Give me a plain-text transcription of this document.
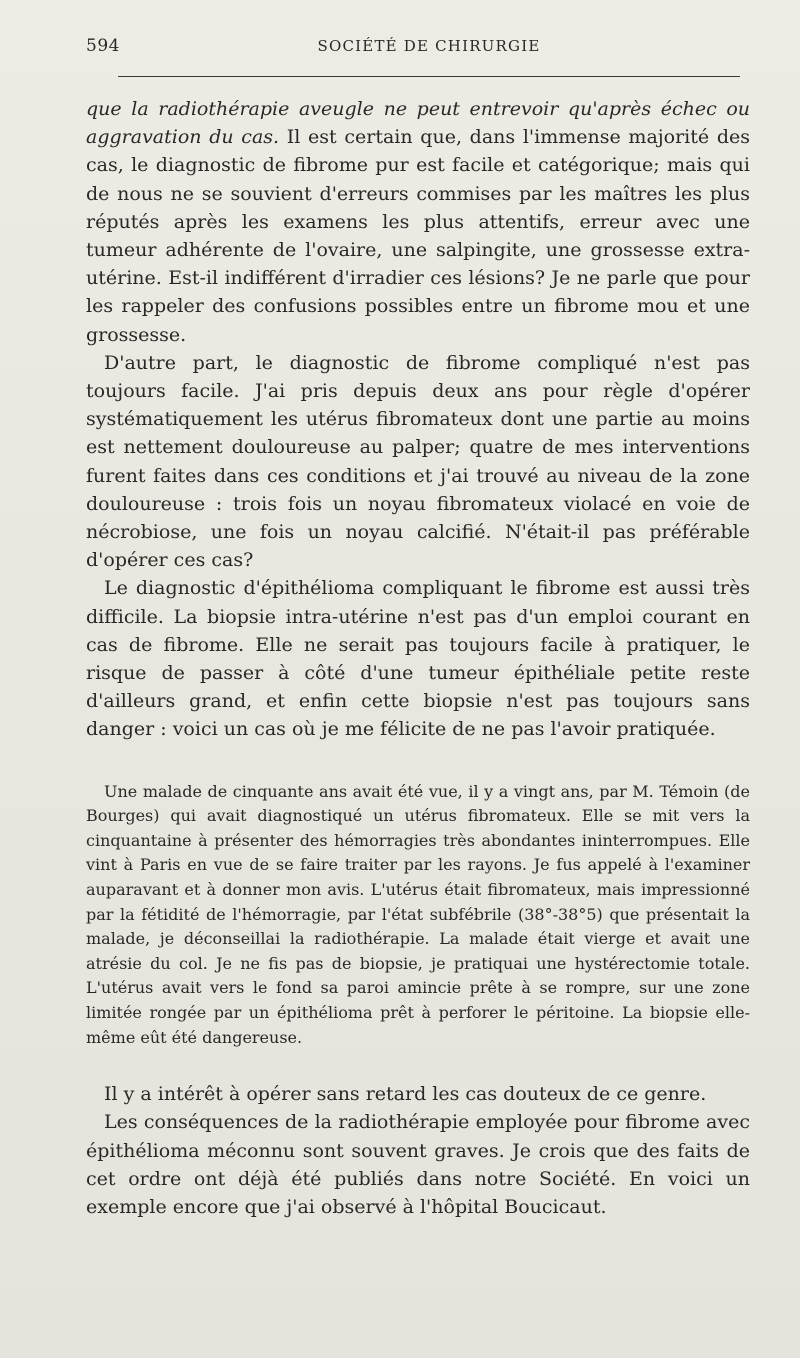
594	SOCIÉTÉ DE CHIRURGIE

que la radiothérapie aveugle ne peut entrevoir qu'après échec ou aggravation du cas. Il est certain que, dans l'immense majorité des cas, le diagnostic de fibrome pur est facile et catégorique; mais qui de nous ne se souvient d'erreurs commises par les maîtres les plus réputés après les examens les plus attentifs, erreur avec une tumeur adhérente de l'ovaire, une salpingite, une grossesse extra-utérine. Est-il indifférent d'irradier ces lésions? Je ne parle que pour les rappeler des confusions possibles entre un fibrome mou et une grossesse.

D'autre part, le diagnostic de fibrome compliqué n'est pas toujours facile. J'ai pris depuis deux ans pour règle d'opérer systématiquement les utérus fibromateux dont une partie au moins est nettement douloureuse au palper; quatre de mes interventions furent faites dans ces conditions et j'ai trouvé au niveau de la zone douloureuse : trois fois un noyau fibromateux violacé en voie de nécrobiose, une fois un noyau calcifié. N'était-il pas préférable d'opérer ces cas?

Le diagnostic d'épithélioma compliquant le fibrome est aussi très difficile. La biopsie intra-utérine n'est pas d'un emploi courant en cas de fibrome. Elle ne serait pas toujours facile à pratiquer, le risque de passer à côté d'une tumeur épithéliale petite reste d'ailleurs grand, et enfin cette biopsie n'est pas toujours sans danger : voici un cas où je me félicite de ne pas l'avoir pratiquée.

Une malade de cinquante ans avait été vue, il y a vingt ans, par M. Témoin (de Bourges) qui avait diagnostiqué un utérus fibromateux. Elle se mit vers la cinquantaine à présenter des hémorragies très abondantes ininterrompues. Elle vint à Paris en vue de se faire traiter par les rayons. Je fus appelé à l'examiner auparavant et à donner mon avis. L'utérus était fibromateux, mais impressionné par la fétidité de l'hémorragie, par l'état subfébrile (38°-38°5) que présentait la malade, je déconseillai la radiothérapie. La malade était vierge et avait une atrésie du col. Je ne fis pas de biopsie, je pratiquai une hystérectomie totale. L'utérus avait vers le fond sa paroi amincie prête à se rompre, sur une zone limitée rongée par un épithélioma prêt à perforer le péritoine. La biopsie elle-même eût été dangereuse.

Il y a intérêt à opérer sans retard les cas douteux de ce genre.

Les conséquences de la radiothérapie employée pour fibrome avec épithélioma méconnu sont souvent graves. Je crois que des faits de cet ordre ont déjà été publiés dans notre Société. En voici un exemple encore que j'ai observé à l'hôpital Boucicaut.
